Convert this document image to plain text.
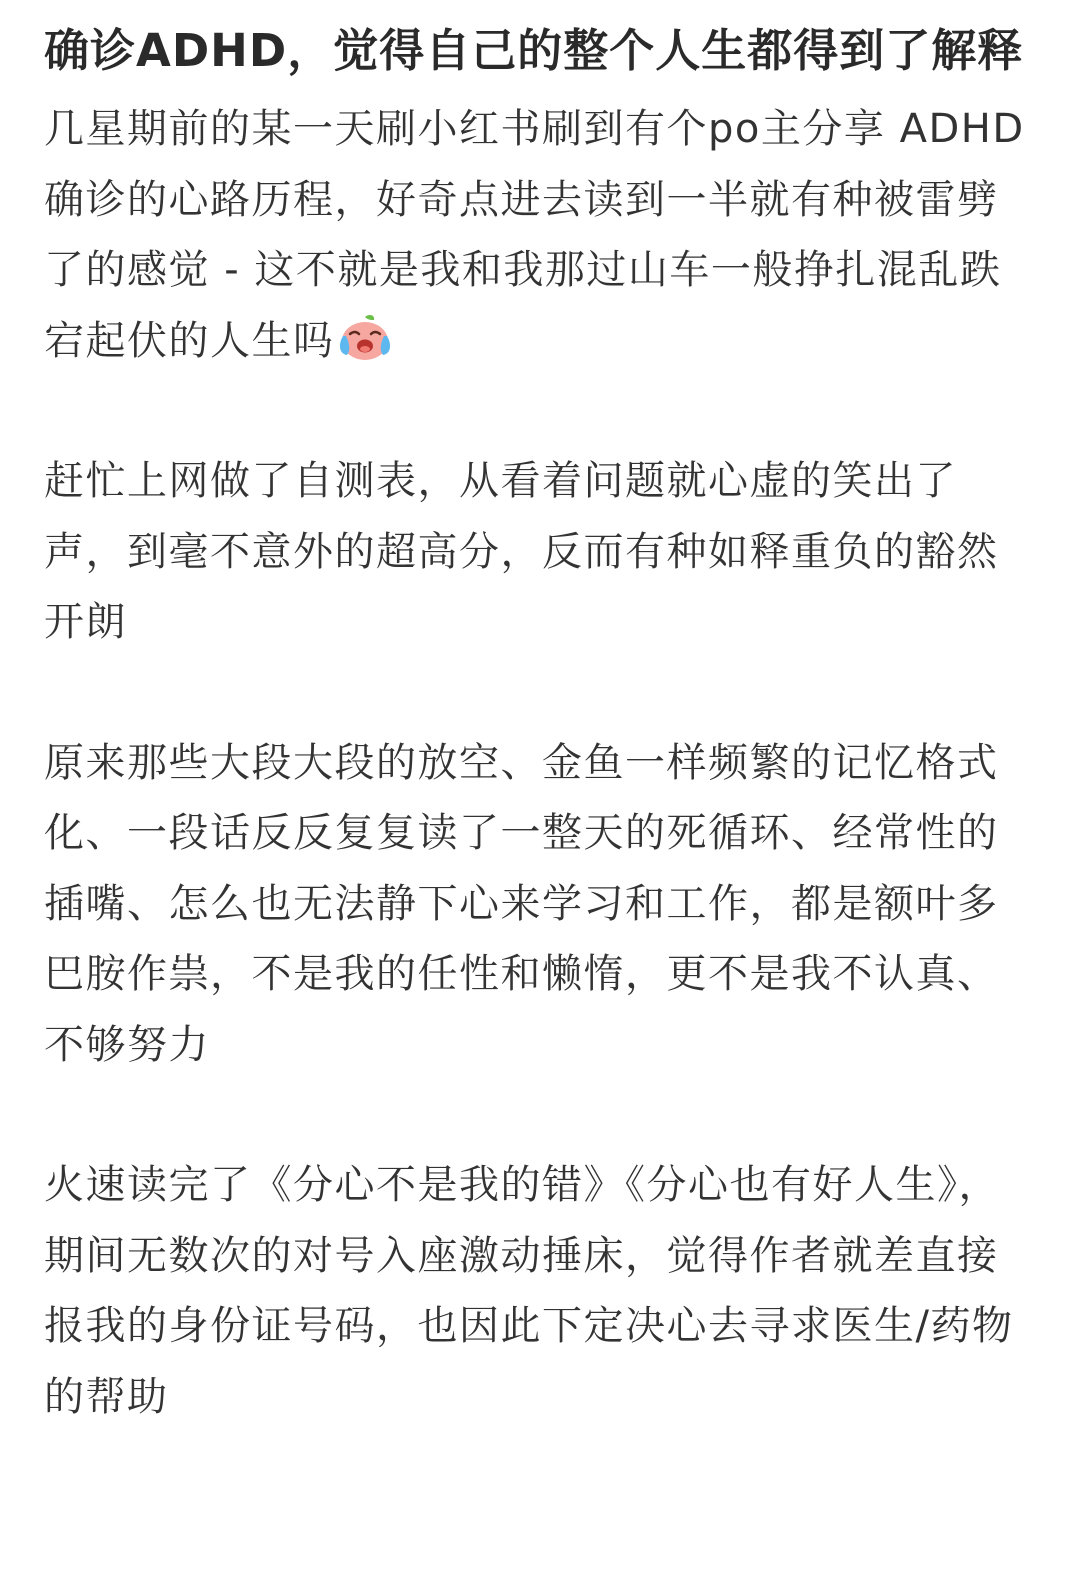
确诊ADHD，觉得自己的整个人生都得到了解释

几星期前的某一天刷小红书刷到有个po主分享 ADHD确诊的心路历程，好奇点进去读到一半就有种被雷劈了的感觉 - 这不就是我和我那过山车一般挣扎混乱跌宕起伏的人生吗

赶忙上网做了自测表，从看着问题就心虚的笑出了声，到毫不意外的超高分，反而有种如释重负的豁然开朗

原来那些大段大段的放空、金鱼一样频繁的记忆格式化、一段话反反复复读了一整天的死循环、经常性的插嘴、怎么也无法静下心来学习和工作，都是额叶多巴胺作祟，不是我的任性和懒惰，更不是我不认真、不够努力

火速读完了《分心不是我的错》《分心也有好人生》，期间无数次的对号入座激动捶床，觉得作者就差直接报我的身份证号码，也因此下定决心去寻求医生/药物的帮助
